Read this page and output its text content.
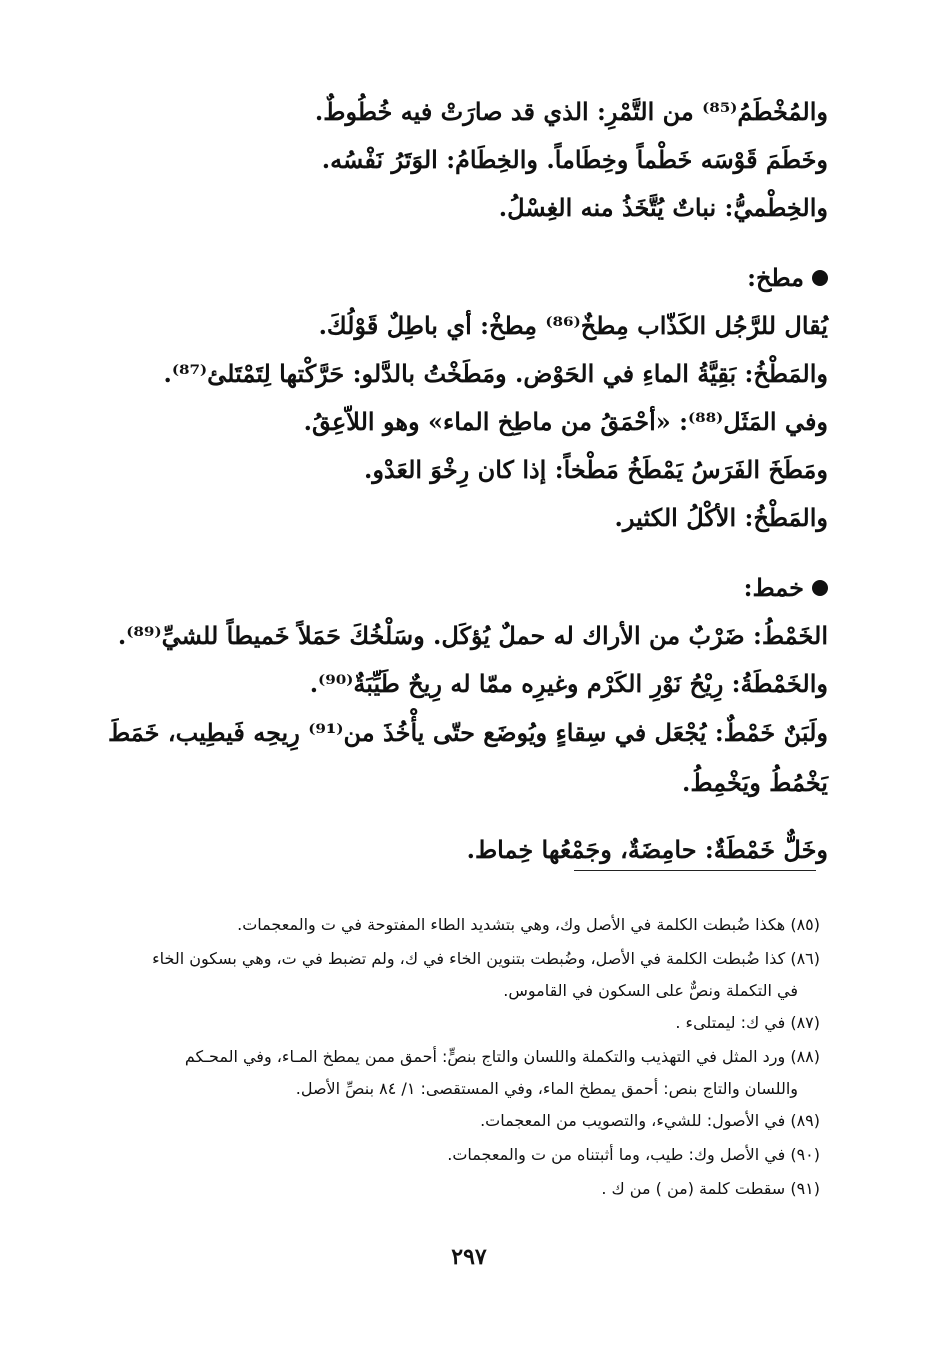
والمُخْطَمُ⁽⁸⁵⁾ من التَّمْرِ: الذي قد صارَتْ فيه خُطُوطٌ.
وخَطَمَ قَوْسَه خَطْماً وخِطَاماً. والخِطَامُ: الوَتَرُ نَفْسُه.
والخِطْميُّ: نباتٌ يُتَّخَذُ منه الغِسْلُ.
مطخ:
يُقال للرَّجُل الكَذّاب مِطخٌ⁽⁸⁶⁾ مِطخْ: أي باطِلٌ قَوْلُكَ.
والمَطْخُ: بَقِيَّةُ الماءِ في الحَوْض. ومَطَخْتُ بالدَّلو: حَرَّكْتها لِتَمْتَلئ⁽⁸⁷⁾.
وفي المَثَل⁽⁸⁸⁾: «أحْمَقُ من ماطِخ الماء» وهو اللاّعِقُ.
ومَطَخَ الفَرَسُ يَمْطَخُ مَطْخاً: إذا كان رِخْوَ العَدْو.
والمَطْخُ: الأكْلُ الكثير.
خمط:
الخَمْطُ: ضَرْبٌ من الأراك له حملٌ يُؤكَل. وسَلْخُكَ حَمَلاً خَميطاً للشيِّ⁽⁸⁹⁾.
والخَمْطَةُ: رِيْحُ نَوْرِ الكَرْم وغيرِه ممّا له رِيحٌ طَيِّبَةٌ⁽⁹⁰⁾.
ولَبَنٌ خَمْطٌ: يُجْعَل في سِقاءٍ ويُوضَع حتّى يأْخُذَ من⁽⁹¹⁾ رِيحِه فَيطِيب، خَمَطَ يَخْمُطُ ويَخْمِطُ.
وخَلٌّ خَمْطَةٌ: حامِضَةٌ، وجَمْعُها خِماط.
(٨٥) هكذا ضُبطت الكلمة في الأصل وك، وهي بتشديد الطاء المفتوحة في ت والمعجمات.
(٨٦) كذا ضُبطت الكلمة في الأصل، وضُبطت بتنوين الخاء في ك، ولم تضبط في ت، وهي بسكون الخاء
في التكملة ونصٌّ على السكون في القاموس.
(٨٧) في ك: ليمتلىء .
(٨٨) ورد المثل في التهذيب والتكملة واللسان والتاج بنصٍّ: أحمق ممن يمطخ المـاء، وفي المحـكم
واللسان والتاج بنص: أحمق يمطخ الماء، وفي المستقصى: ١/ ٨٤ بنصِّ الأصل.
(٨٩) في الأصول: للشيء، والتصويب من المعجمات.
(٩٠) في الأصل وك: طيب، وما أثبتناه من ت والمعجمات.
(٩١) سقطت كلمة (من ) من ك .
٢٩٧
